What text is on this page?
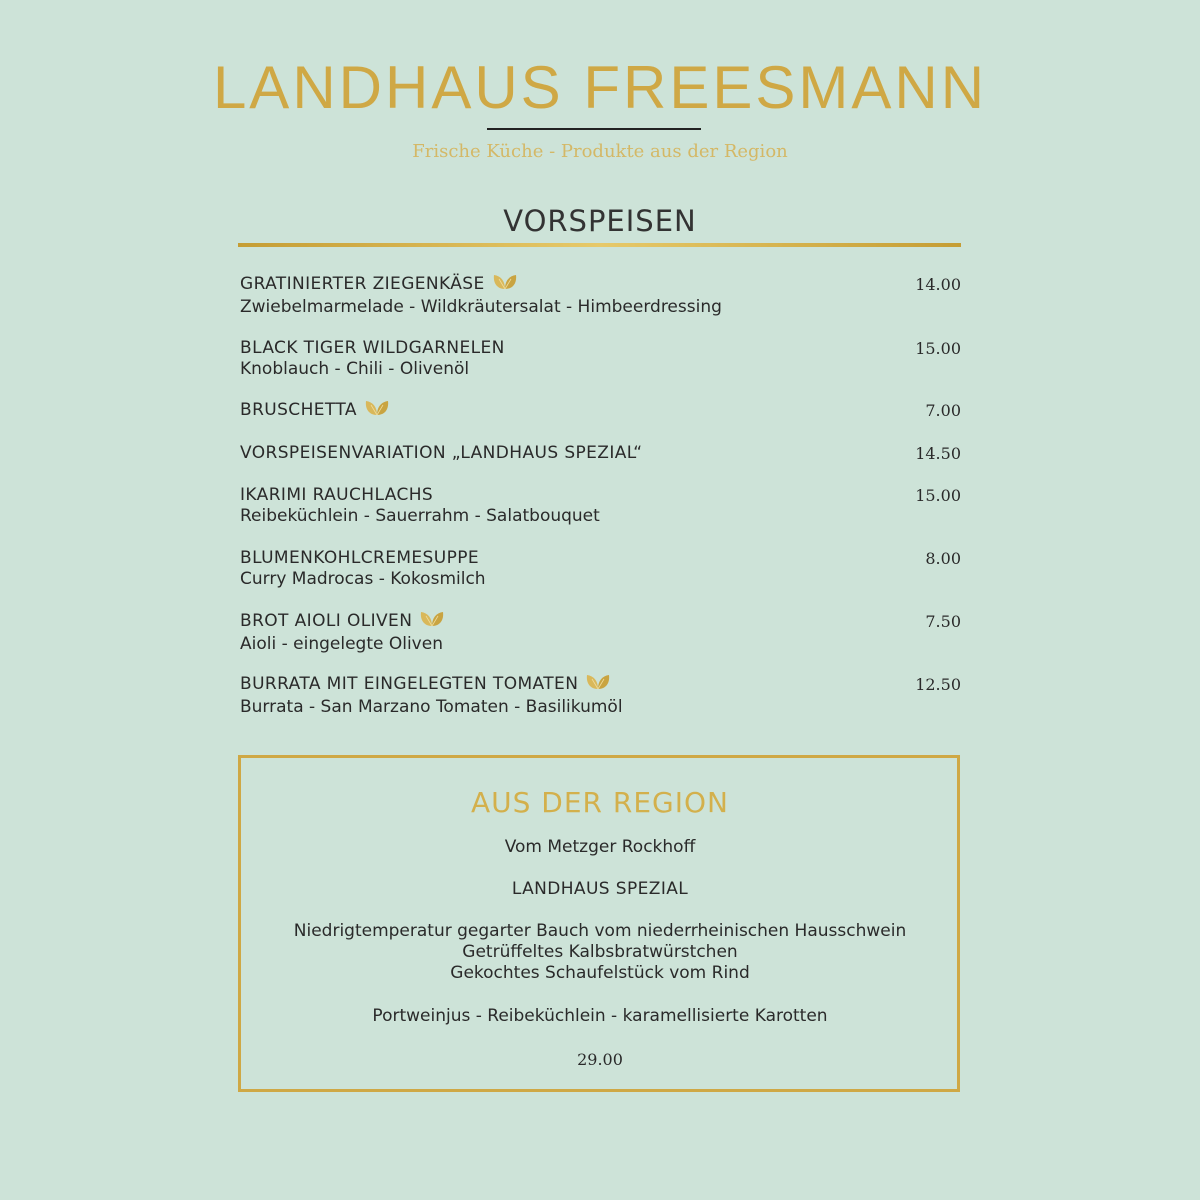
LANDHAUS FREESMANN
Frische Küche - Produkte aus der Region
VORSPEISEN
GRATINIERTER ZIEGENKÄSE
Zwiebelmarmelade - Wildkräutersalat - Himbeerdressing
14.00
BLACK TIGER WILDGARNELEN
Knoblauch - Chili - Olivenöl
15.00
BRUSCHETTA	7.00
VORSPEISENVARIATION „LANDHAUS SPEZIAL“	14.50
IKARIMI RAUCHLACHS
Reibeküchlein - Sauerrahm - Salatbouquet
15.00
BLUMENKOHLCREMESUPPE
Curry Madrocas - Kokosmilch
8.00
BROT AIOLI OLIVEN
Aioli - eingelegte Oliven
7.50
BURRATA MIT EINGELEGTEN TOMATEN
Burrata - San Marzano Tomaten - Basilikumöl
12.50
AUS DER REGION
Vom Metzger Rockhoff
LANDHAUS SPEZIAL
Niedrigtemperatur gegarter Bauch vom niederrheinischen Hausschwein
Getrüffeltes Kalbsbratwürstchen
Gekochtes Schaufelstück vom Rind
Portweinjus - Reibeküchlein - karamellisierte Karotten
29.00
